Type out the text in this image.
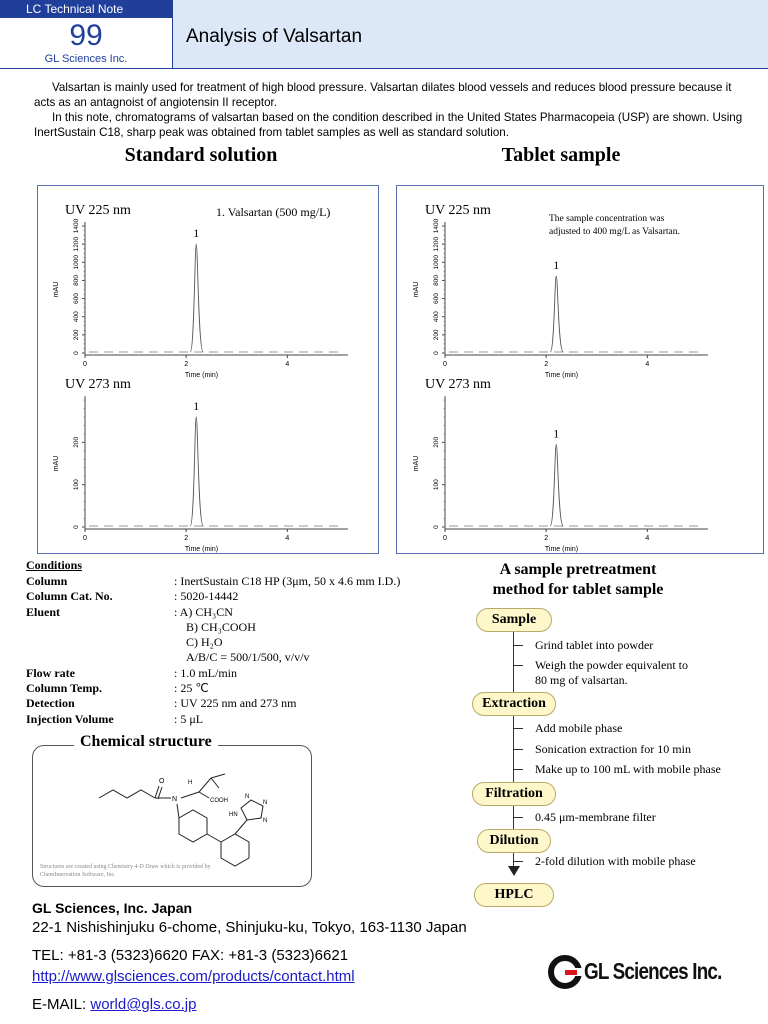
LC Technical Note
99
GL Sciences Inc.
Analysis of Valsartan

Valsartan is mainly used for treatment of high blood pressure. Valsartan dilates blood vessels and reduces blood pressure because it acts as an antagnoist of angiotensin II receptor.

In this note, chromatograms of valsartan based on the condition described in the United States Pharmacopeia (USP) are shown. Using InertSustain C18, sharp peak was obtained from tablet samples as well as standard solution.

Standard solution	Tablet sample
1. Valsartan (500 mg/L)	The sample concentration was
adjusted to 400 mg/L as Valsartan.
UV 225 nm
0
200
400
600
800
1000
1200
1400
0	2	4
Time (min)
mAU
1
UV 273 nm
0
100
200
0	2	4
Time (min)
mAU
1
UV 225 nm
0
200
400
600
800
1000
1200
1400
0	2	4
Time (min)
mAU
1
UV 273 nm
0
100
200
0	2	4
Time (min)
mAU
1
Conditions
Column	: InertSustain C18 HP (3μm, 50 x 4.6 mm I.D.)
Column Cat. No.	: 5020-14442
Eluent	: A) CH₃CN
B) CH₃COOH
C) H₂O
A/B/C = 500/1/500, v/v/v
Flow rate	: 1.0 mL/min
Column Temp.	: 25 ℃
Detection	: UV 225 nm and 273 nm
Injection Volume	: 5 μL
Chemical structure
O
N
H
COOH
HN
N
N
N
Structures are created using Chemistry 4-D Draw which is provided by ChemInnovation Software, Inc.
A sample pretreatment
method for tablet sample
Sample
Extraction
Filtration
Dilution
HPLC
Grind tablet into powder
Weigh the powder equivalent to
80 mg of valsartan.
Add mobile phase
Sonication extraction for 10 min
Make up to 100 mL with mobile phase
0.45 μm-membrane filter
2-fold dilution with mobile phase
GL Sciences, Inc. Japan
22-1 Nishishinjuku 6-chome, Shinjuku-ku, Tokyo, 163-1130 Japan
TEL: +81-3 (5323)6620 FAX: +81-3 (5323)6621
http://www.glsciences.com/products/contact.html
E-MAIL: world@gls.co.jp
GL Sciences Inc.
